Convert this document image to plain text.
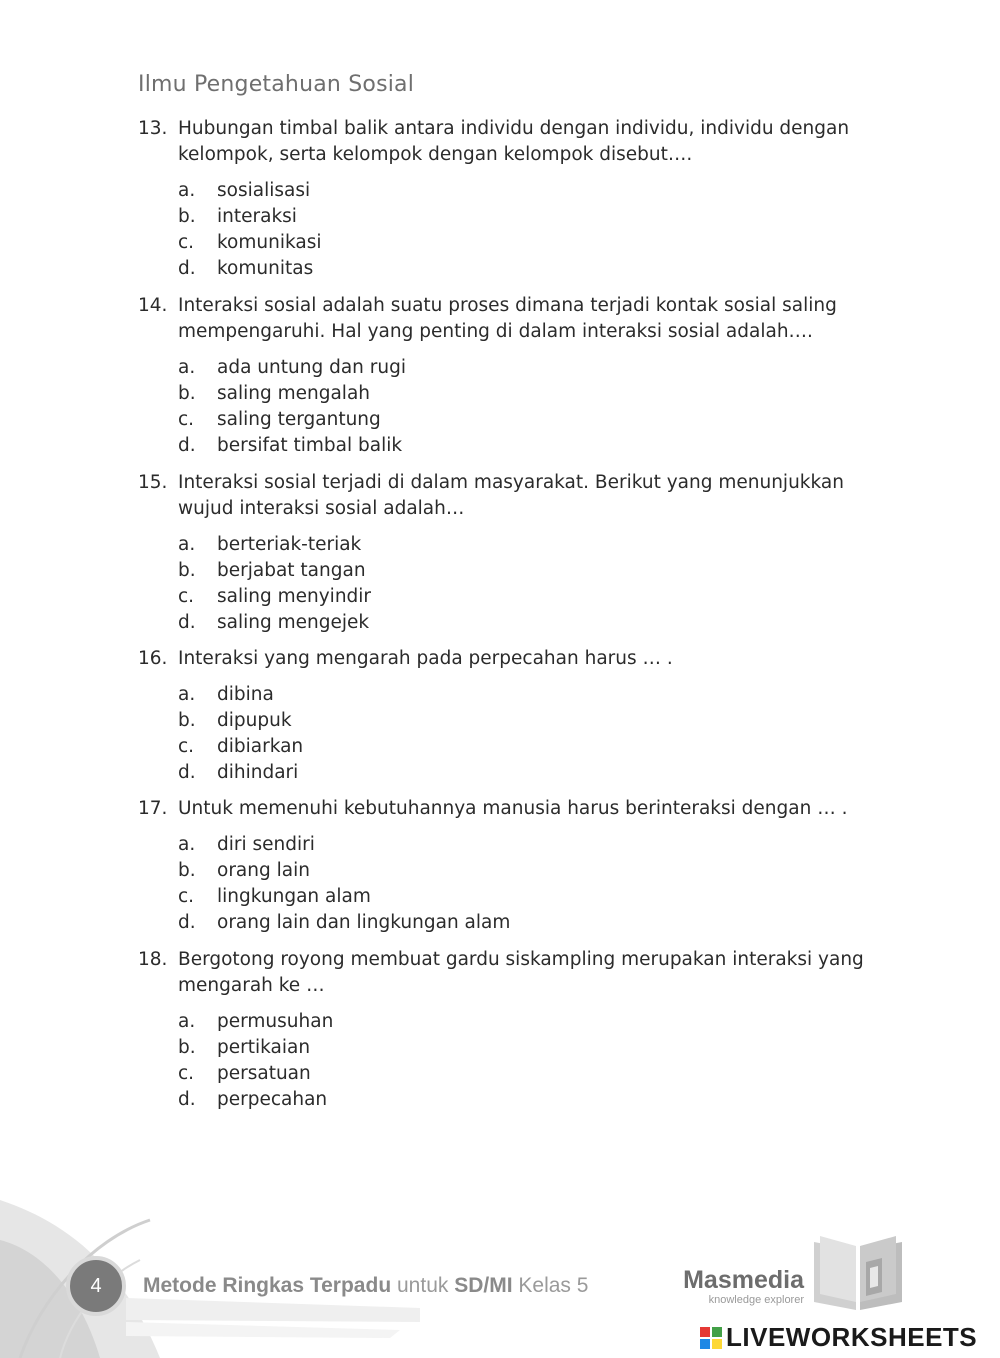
Ilmu Pengetahuan Sosial
13. Hubungan timbal balik antara individu dengan individu, individu dengan
kelompok, serta kelompok dengan kelompok disebut….
a. sosialisasi
b. interaksi
c. komunikasi
d. komunitas
14. Interaksi sosial adalah suatu proses dimana terjadi kontak sosial saling
mempengaruhi. Hal yang penting di dalam interaksi sosial adalah….
a. ada untung dan rugi
b. saling mengalah
c. saling tergantung
d. bersifat timbal balik
15. Interaksi sosial terjadi di dalam masyarakat. Berikut yang menunjukkan
wujud interaksi sosial adalah…
a. berteriak-teriak
b. berjabat tangan
c. saling menyindir
d. saling mengejek
16. Interaksi yang mengarah pada perpecahan harus … .
a. dibina
b. dipupuk
c. dibiarkan
d. dihindari
17. Untuk memenuhi kebutuhannya manusia harus berinteraksi dengan … .
a. diri sendiri
b. orang lain
c. lingkungan alam
d. orang lain dan lingkungan alam
18. Bergotong royong membuat gardu siskampling merupakan interaksi yang
mengarah ke …
a. permusuhan
b. pertikaian
c. persatuan
d. perpecahan
4 Metode Ringkas Terpadu untuk SD/MI Kelas 5	Masmedia
knowledge explorer
LIVEWORKSHEETS
